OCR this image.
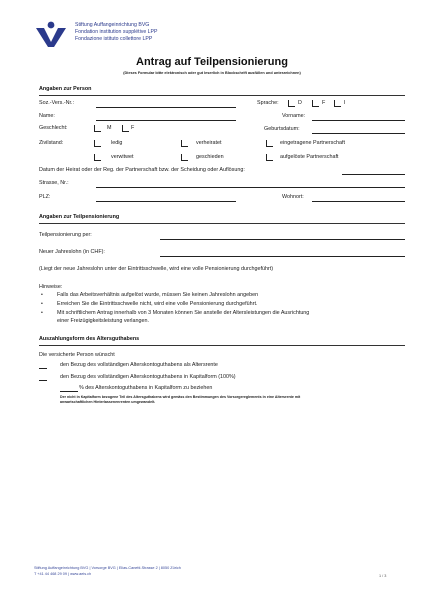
Stiftung Auffangeinrichtung BVG
Fondation institution supplétive LPP
Fondazione istituto collettore LPP
Antrag auf Teilpensionierung
(Dieses Formular bitte elektronisch oder gut leserlich in Blockschrift ausfüllen und unterzeichnen)
Angaben zur Person
Soz.-Vers.-Nr.:	Sprache:	D	F	I
Name:	Vorname:
Geschlecht:	M	F	Geburtsdatum:
Zivilstand:	ledig	verheiratet	eingetragene Partnerschaft
verwitwet	geschieden	aufgelöste Partnerschaft
Datum der Heirat oder der Reg. der Partnerschaft bzw. der Scheidung oder Auflösung:
Strasse, Nr.:
PLZ:	Wohnort:
Angaben zur Teilpensionierung
Teilpensionierung per:
Neuer Jahreslohn (in CHF):
(Liegt der neue Jahreslohn unter der Eintrittsschwelle, wird eine volle Pensionierung durchgeführt)
Hinweise:
•	Falls das Arbeitsverhältnis aufgelöst wurde, müssen Sie keinen Jahreslohn angeben
•	Erreichen Sie die Eintrittsschwelle nicht, wird eine volle Pensionierung durchgeführt.
•	Mit schriftlichem Antrag innerhalb von 3 Monaten können Sie anstelle der Altersleistungen die Ausrichtung
einer Freizügigkeitsleistung verlangen.
Auszahlungsform des Altersguthabens
Die versicherte Person wünscht
den Bezug des vollständigen Alterskontoguthabens als Altersrente
den Bezug des vollständigen Alterskontoguthabens in Kapitalform (100%)
% des Alterskontoguthabens in Kapitalform zu beziehen
Der nicht in Kapitalform bezogene Teil des Altersguthabens wird gemäss den Bestimmungen des Vorsorgereglements in eine Altersrente mit
anwartschaftlichen Hinterlassenenrenten umgewandelt.
Stiftung Auffangeinrichtung BVG | Vorsorge BVG | Elias-Canetti-Strasse 2 | 8050 Zürich
T +41 44 468 29 09 | www.aeis.ch
1 / 3
